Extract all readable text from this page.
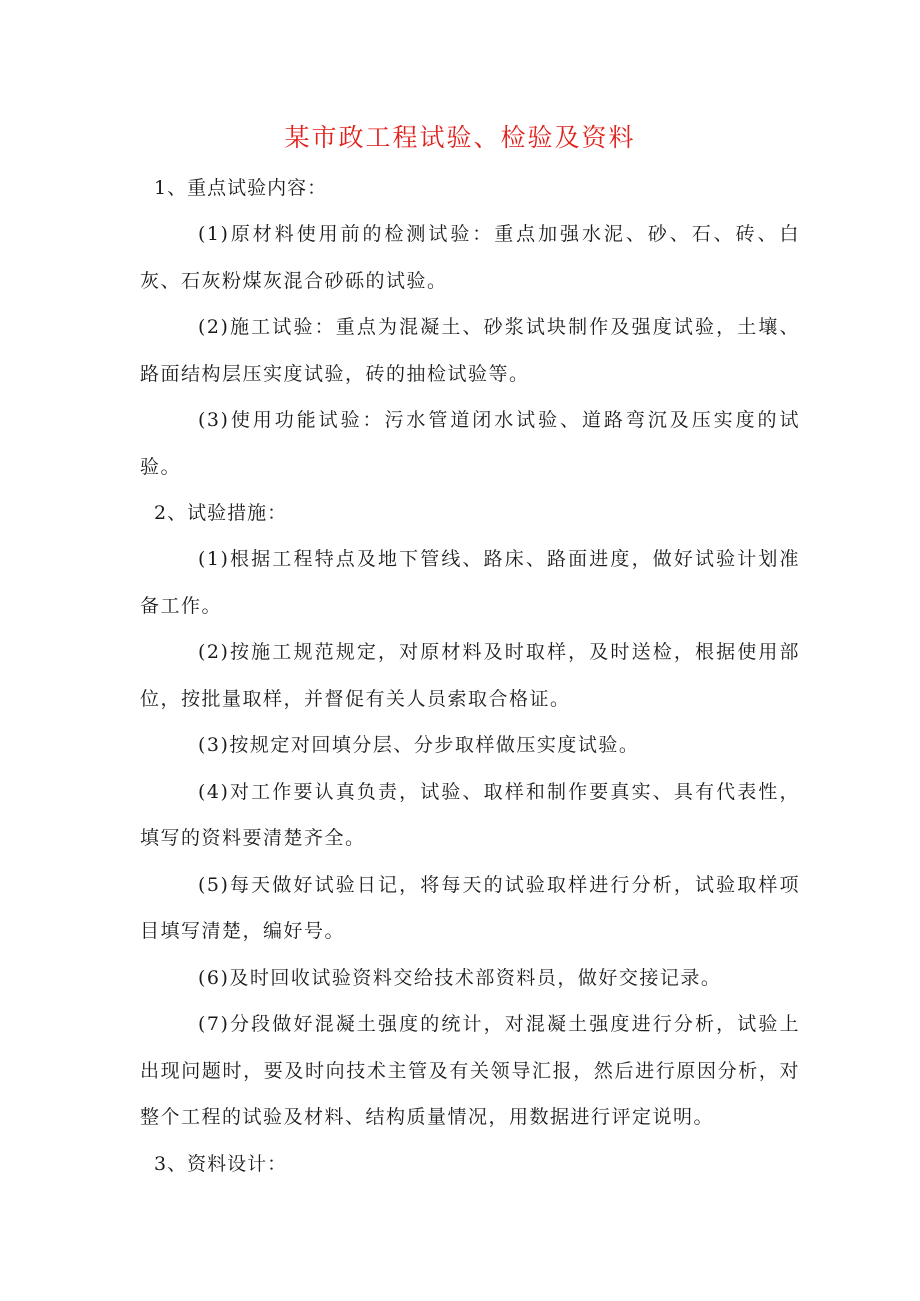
某市政工程试验、检验及资料

1、重点试验内容：

(1)原材料使用前的检测试验：重点加强水泥、砂、石、砖、白灰、石灰粉煤灰混合砂砾的试验。

(2)施工试验：重点为混凝土、砂浆试块制作及强度试验，土壤、路面结构层压实度试验，砖的抽检试验等。

(3)使用功能试验：污水管道闭水试验、道路弯沉及压实度的试验。

2、试验措施：

(1)根据工程特点及地下管线、路床、路面进度，做好试验计划准备工作。

(2)按施工规范规定，对原材料及时取样，及时送检，根据使用部位，按批量取样，并督促有关人员索取合格证。

(3)按规定对回填分层、分步取样做压实度试验。

(4)对工作要认真负责，试验、取样和制作要真实、具有代表性，填写的资料要清楚齐全。

(5)每天做好试验日记，将每天的试验取样进行分析，试验取样项目填写清楚，编好号。

(6)及时回收试验资料交给技术部资料员，做好交接记录。

(7)分段做好混凝土强度的统计，对混凝土强度进行分析，试验上出现问题时，要及时向技术主管及有关领导汇报，然后进行原因分析，对整个工程的试验及材料、结构质量情况，用数据进行评定说明。

3、资料设计：
